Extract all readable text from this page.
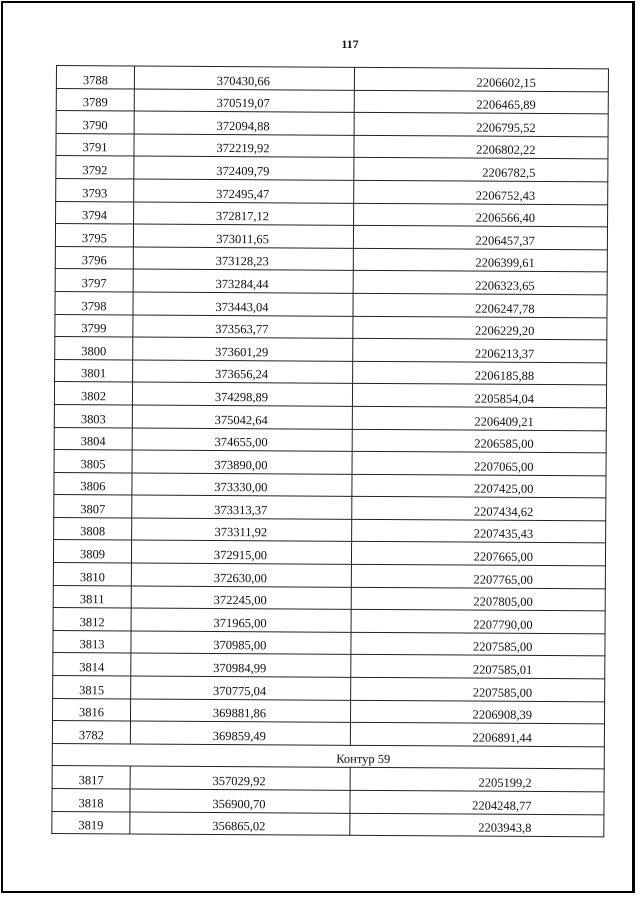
117
3788	370430,66	2206602,15
3789	370519,07	2206465,89
3790	372094,88	2206795,52
3791	372219,92	2206802,22
3792	372409,79	2206782,5
3793	372495,47	2206752,43
3794	372817,12	2206566,40
3795	373011,65	2206457,37
3796	373128,23	2206399,61
3797	373284,44	2206323,65
3798	373443,04	2206247,78
3799	373563,77	2206229,20
3800	373601,29	2206213,37
3801	373656,24	2206185,88
3802	374298,89	2205854,04
3803	375042,64	2206409,21
3804	374655,00	2206585,00
3805	373890,00	2207065,00
3806	373330,00	2207425,00
3807	373313,37	2207434,62
3808	373311,92	2207435,43
3809	372915,00	2207665,00
3810	372630,00	2207765,00
3811	372245,00	2207805,00
3812	371965,00	2207790,00
3813	370985,00	2207585,00
3814	370984,99	2207585,01
3815	370775,04	2207585,00
3816	369881,86	2206908,39
3782	369859,49	2206891,44
Контур 59		
3817	357029,92	2205199,2
3818	356900,70	2204248,77
3819	356865,02	2203943,8
